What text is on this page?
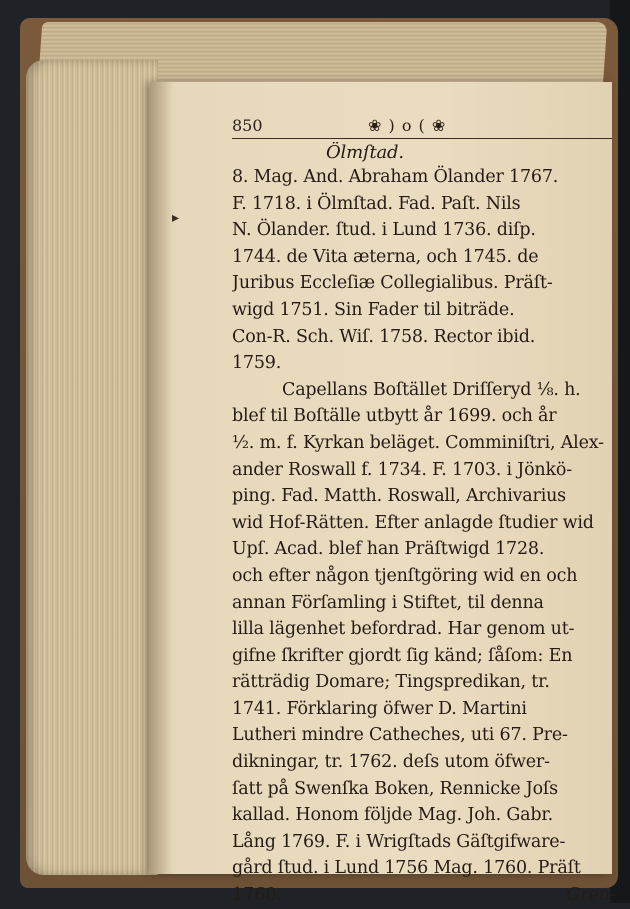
▸
850	❀ ) o ( ❀
Ölmſtad.
8. Mag. And. Abraham Ölander 1767.
F. 1718. i Ölmſtad. Fad. Paſt. Nils
N. Ölander. ſtud. i Lund 1736. diſp.
1744. de Vita æterna, och 1745. de
Juribus Eccleſiæ Collegialibus. Präſt-
wigd 1751. Sin Fader til biträde.
Con-R. Sch. Wiſ. 1758. Rector ibid.
1759.
Capellans Boſtället Driſſeryd ⅛. h.
blef til Boſtälle utbytt år 1699. och år
½. m. f. Kyrkan beläget. Comminiſtri, Alex-
ander Roswall f. 1734. F. 1703. i Jönkö-
ping. Fad. Matth. Roswall, Archivarius
wid Hof-Rätten. Efter anlagde ſtudier wid
Upſ. Acad. blef han Präſtwigd 1728.
och efter någon tjenſtgöring wid en och
annan Förſamling i Stiftet, til denna
lilla lägenhet befordrad. Har genom ut-
gifne ſkrifter gjordt ſig känd; ſåſom: En
rätträdig Domare; Tingspredikan, tr.
1741. Förklaring öfwer D. Martini
Lutheri mindre Catheches, uti 67. Pre-
dikningar, tr. 1762. deſs utom öfwer-
ſatt på Swenſka Boken, Rennicke Joſs
kallad. Honom följde Mag. Joh. Gabr.
Lång 1769. F. i Wrigſtads Gäſtgifware-
gård ſtud. i Lund 1756 Mag. 1760. Präſt
1760.	Gren-
